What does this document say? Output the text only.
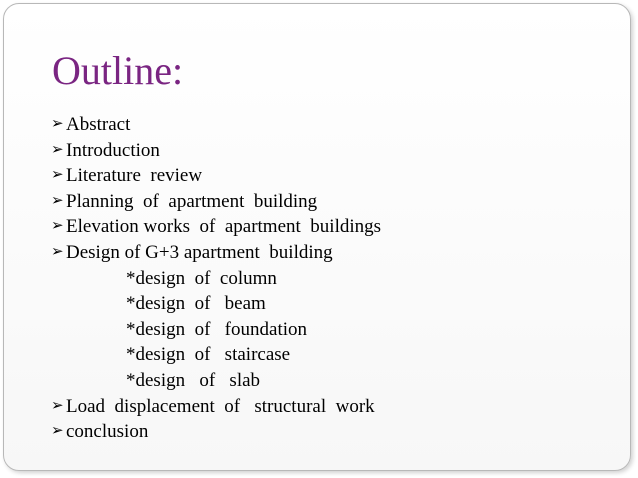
Outline:
➢ Abstract
➢ Introduction
➢ Literature  review
➢ Planning  of  apartment  building
➢ Elevation works  of  apartment  buildings
➢ Design of G+3 apartment  building
*design  of  column
*design  of   beam
*design  of   foundation
*design  of   staircase
*design   of   slab
➢ Load  displacement  of   structural  work
➢ conclusion
